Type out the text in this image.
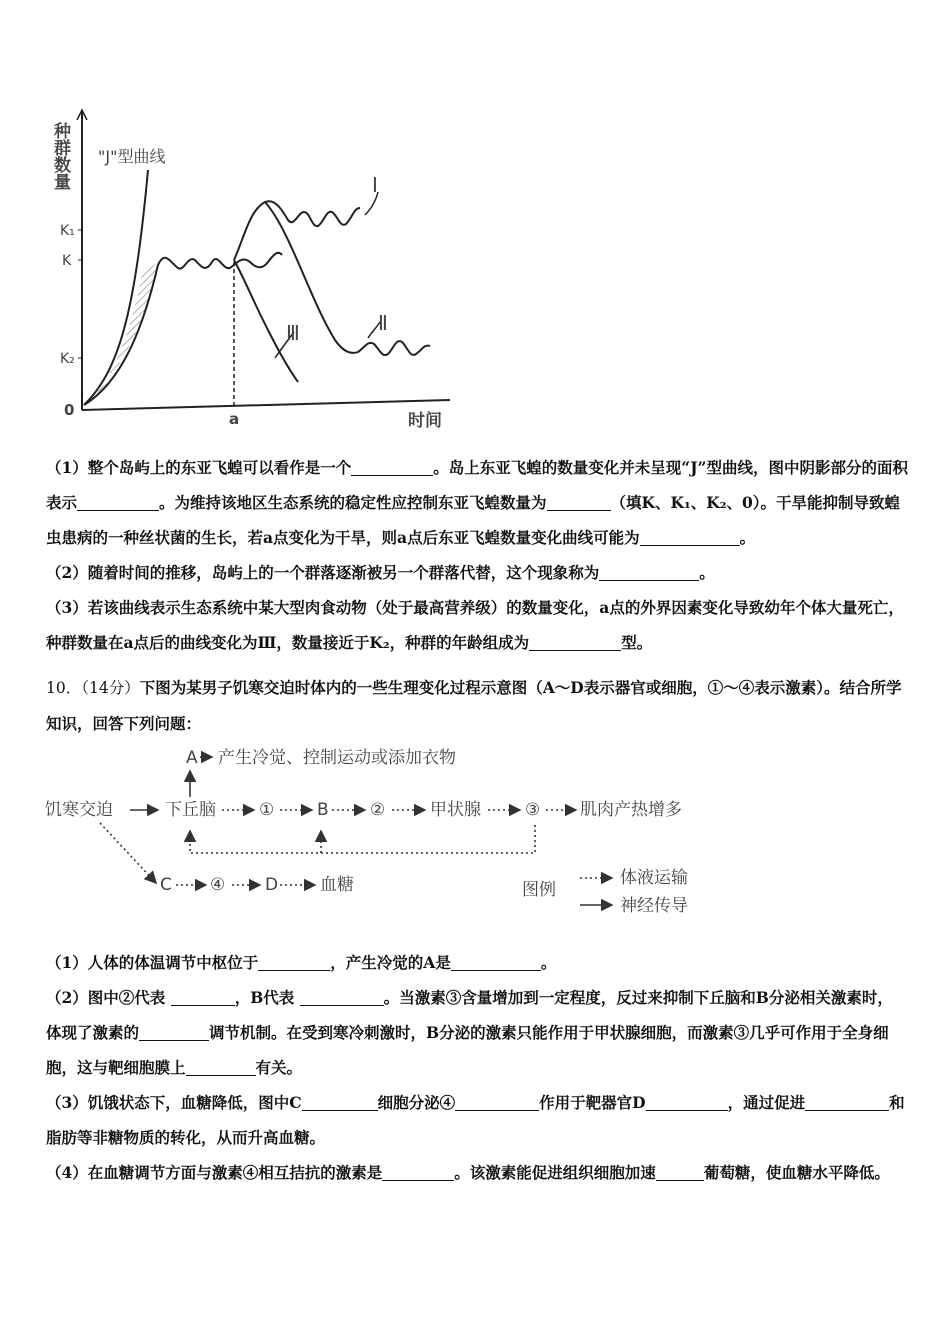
种群数量 "J"型曲线
K₁
K
K₂
0	a	时间
Ⅰ
Ⅱ
Ⅲ

（1）整个岛屿上的东亚飞蝗可以看作是一个	。岛上东亚飞蝗的数量变化并未呈现“J”型曲线，图中阴影部分的面积表示	。为维持该地区生态系统的稳定性应控制东亚飞蝗数量为	（填K、K₁、K₂、0）。干旱能抑制导致蝗虫患病的一种丝状菌的生长，若a点变化为干旱，则a点后东亚飞蝗数量变化曲线可能为	。

（2）随着时间的推移，岛屿上的一个群落逐渐被另一个群落代替，这个现象称为	。

（3）若该曲线表示生态系统中某大型肉食动物（处于最高营养级）的数量变化，a点的外界因素变化导致幼年个体大量死亡，种群数量在a点后的曲线变化为Ⅲ，数量接近于K₂，种群的年龄组成为	型。

10．（14分）下图为某男子饥寒交迫时体内的一些生理变化过程示意图（A～D表示器官或细胞，①～④表示激素）。结合所学知识，回答下列问题：

饥寒交迫	下丘脑
A 产生冷觉、控制运动或添加衣物
①	B ②	甲状腺	③ 肌肉产热增多
C ④ D 血糖	图例
体液运输
神经传导

（1）人体的体温调节中枢位于	，产生冷觉的A是	。

（2）图中②代表	，B代表	。当激素③含量增加到一定程度，反过来抑制下丘脑和B分泌相关激素时，体现了激素的	调节机制。在受到寒冷刺激时，B分泌的激素只能作用于甲状腺细胞，而激素③几乎可作用于全身细胞，这与靶细胞膜上	有关。

（3）饥饿状态下，血糖降低，图中C	细胞分泌④	作用于靶器官D	，通过促进	和脂肪等非糖物质的转化，从而升高血糖。

（4）在血糖调节方面与激素④相互拮抗的激素是	。该激素能促进组织细胞加速	葡萄糖，使血糖水平降低。
